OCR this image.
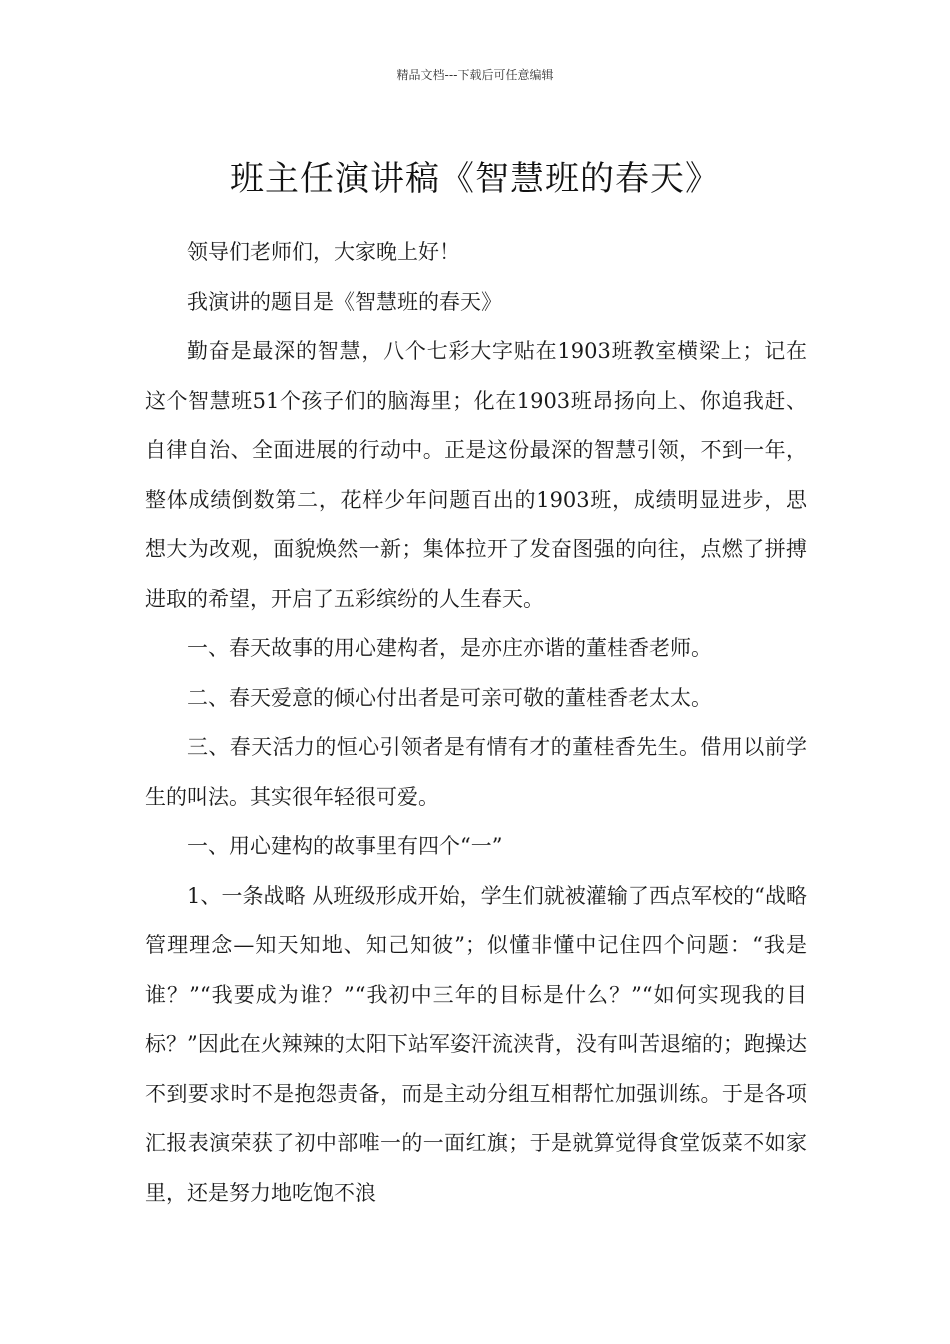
精品文档---下载后可任意编辑
班主任演讲稿《智慧班的春天》

领导们老师们，大家晚上好！

我演讲的题目是《智慧班的春天》

勤奋是最深的智慧，八个七彩大字贴在1903班教室横梁上；记在这个智慧班51个孩子们的脑海里；化在1903班昂扬向上、你追我赶、自律自治、全面进展的行动中。正是这份最深的智慧引领，不到一年，整体成绩倒数第二，花样少年问题百出的1903班，成绩明显进步，思想大为改观，面貌焕然一新；集体拉开了发奋图强的向往，点燃了拼搏进取的希望，开启了五彩缤纷的人生春天。

一、春天故事的用心建构者，是亦庄亦谐的董桂香老师。

二、春天爱意的倾心付出者是可亲可敬的董桂香老太太。

三、春天活力的恒心引领者是有情有才的董桂香先生。借用以前学生的叫法。其实很年轻很可爱。

一、用心建构的故事里有四个“一”

1、一条战略 从班级形成开始，学生们就被灌输了西点军校的“战略管理理念—知天知地、知己知彼”；似懂非懂中记住四个问题：“我是谁？”“我要成为谁？”“我初中三年的目标是什么？”“如何实现我的目标？”因此在火辣辣的太阳下站军姿汗流浃背，没有叫苦退缩的；跑操达不到要求时不是抱怨责备，而是主动分组互相帮忙加强训练。于是各项汇报表演荣获了初中部唯一的一面红旗；于是就算觉得食堂饭菜不如家里，还是努力地吃饱不浪
